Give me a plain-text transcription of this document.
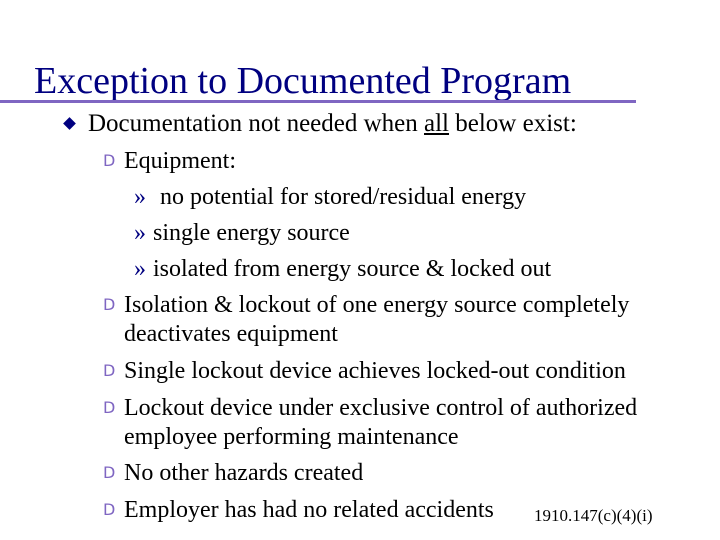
Exception to Documented Program
Documentation not needed when all below exist:
D Equipment:
» no potential for stored/residual energy
» single energy source
» isolated from energy source & locked out
D Isolation & lockout of one energy source completely
deactivates equipment
D Single lockout device achieves locked-out condition
D Lockout device under exclusive control of authorized
employee performing maintenance
D No other hazards created
D Employer has had no related accidents 1910.147(c)(4)(i)
